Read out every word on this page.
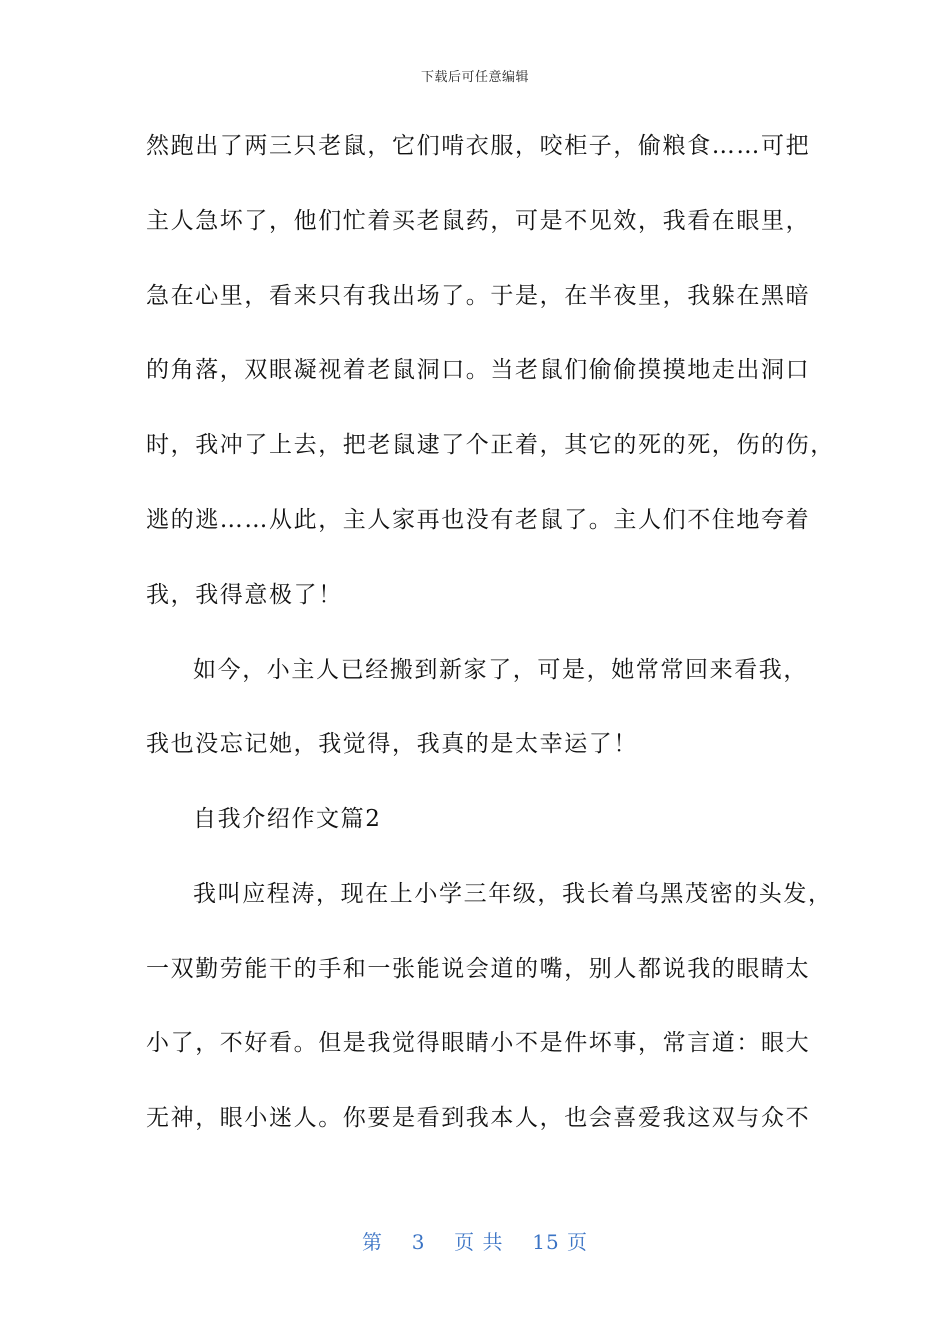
下载后可任意编辑
然跑出了两三只老鼠，它们啃衣服，咬柜子，偷粮食……可把
主人急坏了，他们忙着买老鼠药，可是不见效，我看在眼里，
急在心里，看来只有我出场了。于是，在半夜里，我躲在黑暗
的角落，双眼凝视着老鼠洞口。当老鼠们偷偷摸摸地走出洞口
时，我冲了上去，把老鼠逮了个正着，其它的死的死，伤的伤，
逃的逃……从此，主人家再也没有老鼠了。主人们不住地夸着
我，我得意极了！
如今，小主人已经搬到新家了，可是，她常常回来看我，
我也没忘记她，我觉得，我真的是太幸运了！
自我介绍作文篇2
我叫应程涛，现在上小学三年级，我长着乌黑茂密的头发，
一双勤劳能干的手和一张能说会道的嘴，别人都说我的眼睛太
小了，不好看。但是我觉得眼睛小不是件坏事，常言道：眼大
无神，眼小迷人。你要是看到我本人，也会喜爱我这双与众不
第 3 页 共 15 页
